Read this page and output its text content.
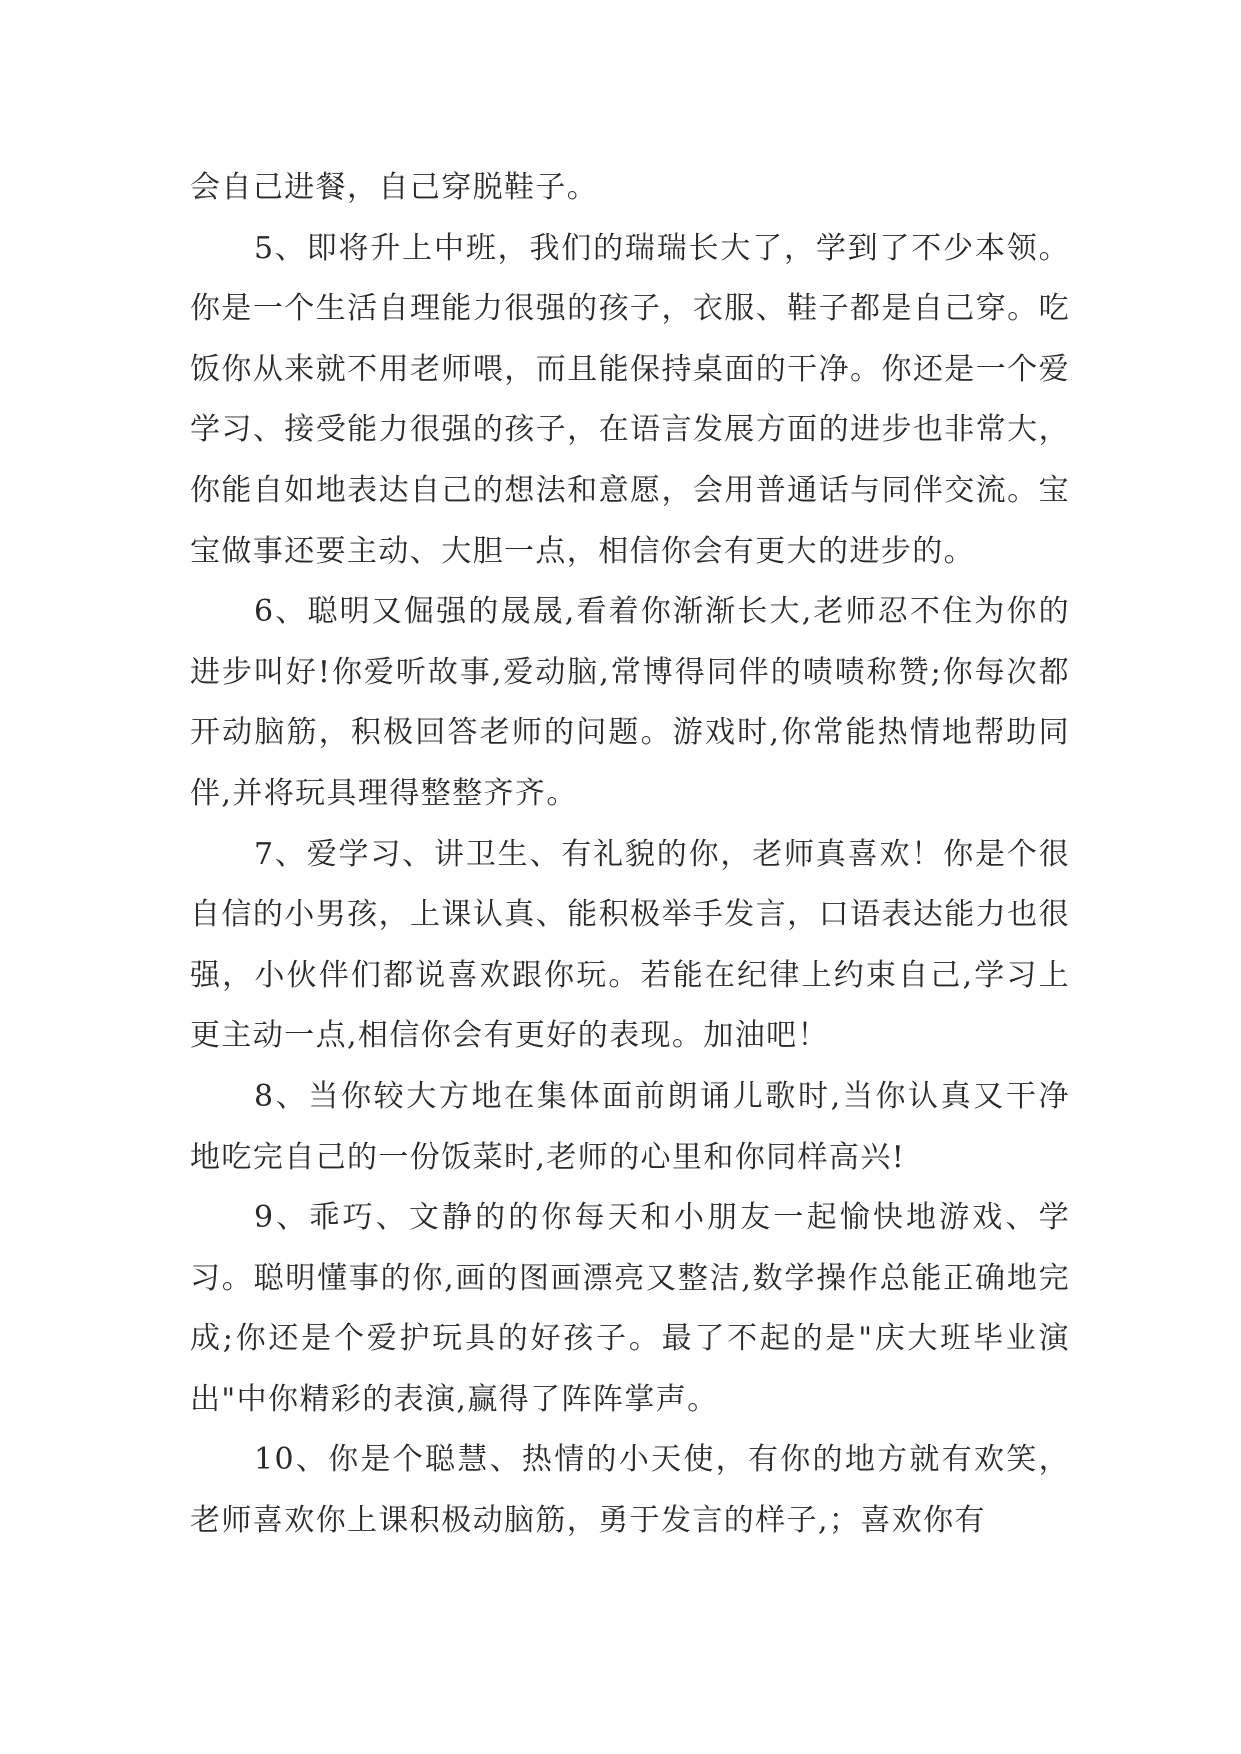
会自己进餐，自己穿脱鞋子。

5、即将升上中班，我们的瑞瑞长大了，学到了不少本领。你是一个生活自理能力很强的孩子，衣服、鞋子都是自己穿。吃饭你从来就不用老师喂，而且能保持桌面的干净。你还是一个爱学习、接受能力很强的孩子，在语言发展方面的进步也非常大，你能自如地表达自己的想法和意愿，会用普通话与同伴交流。宝宝做事还要主动、大胆一点，相信你会有更大的进步的。

6、聪明又倔强的晟晟,看着你渐渐长大,老师忍不住为你的进步叫好!你爱听故事,爱动脑,常博得同伴的啧啧称赞;你每次都开动脑筋，积极回答老师的问题。游戏时,你常能热情地帮助同伴,并将玩具理得整整齐齐。

7、爱学习、讲卫生、有礼貌的你，老师真喜欢！你是个很自信的小男孩，上课认真、能积极举手发言，口语表达能力也很强，小伙伴们都说喜欢跟你玩。若能在纪律上约束自己,学习上更主动一点,相信你会有更好的表现。加油吧！

8、当你较大方地在集体面前朗诵儿歌时,当你认真又干净地吃完自己的一份饭菜时,老师的心里和你同样高兴!

9、乖巧、文静的的你每天和小朋友一起愉快地游戏、学习。聪明懂事的你,画的图画漂亮又整洁,数学操作总能正确地完成;你还是个爱护玩具的好孩子。最了不起的是"庆大班毕业演出"中你精彩的表演,赢得了阵阵掌声。

10、你是个聪慧、热情的小天使，有你的地方就有欢笑，老师喜欢你上课积极动脑筋，勇于发言的样子,；喜欢你有
